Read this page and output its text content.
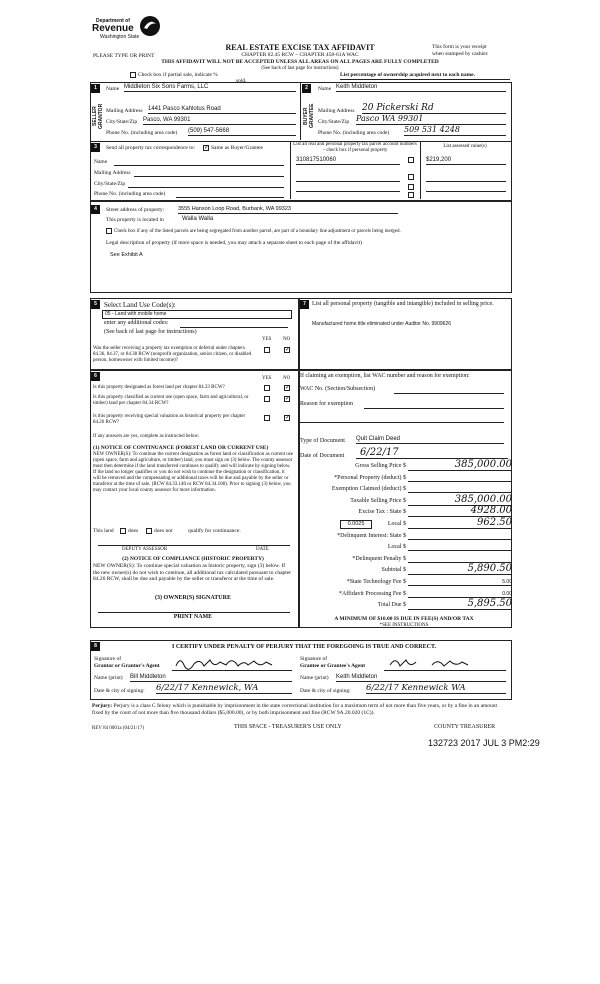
Department of
Revenue
Washington State
REAL ESTATE EXCISE TAX AFFIDAVIT
CHAPTER 82.45 RCW – CHAPTER 458-61A WAC
THIS AFFIDAVIT WILL NOT BE ACCEPTED UNLESS ALL AREAS ON ALL PAGES ARE FULLY COMPLETED
PLEASE TYPE OR PRINT
(See back of last page for instructions)
This form is your receipt
when stamped by cashier.
Check box if partial sale, indicate %
sold.
List percentage of ownership acquired next to each name.
1
SELLER GRANTOR
Name Middleton Six Sons Farms, LLC
Mailing Address 1441 Pasco Kahlotus Road
City/State/Zip Pasco, WA 99301
Phone No. (including area code) (509) 547-5668
2
BUYER GRANTEE
Name Keith Middleton
Mailing Address 20 Pickerski Rd
City/State/Zip Pasco WA 99301
Phone No. (including area code) 509 531 4248
3	Send all property tax correspondence to: ✓ Same as Buyer/Grantee
Name
Mailing Address
City/State/Zip
Phone No. (including area code)
List all real and personal property tax parcel account numbers – check box if personal property
List assessed value(s)
310817510060	$219,200
4	Street address of property:	3555 Hanson Loop Road, Burbank, WA 99323
This property is located in	Walla Walla
Check box if any of the listed parcels are being segregated from another parcel, are part of a boundary line adjustment or parcels being merged.
Legal description of property (if more space is needed, you may attach a separate sheet to each page of the affidavit)
See Exhibit A
5	Select Land Use Code(s):
05 - Land with mobile home
enter any additional codes:
(See back of last page for instructions)
YES NO
Was the seller receiving a property tax exemption or deferral under chapters 84.36, 84.37, or 84.38 RCW (nonprofit organization, senior citizen, or disabled person, homeowner with limited income)?
✓
6	YES NO
Is this property designated as forest land per chapter 84.33 RCW?	✓
Is this property classified as current use (open space, farm and agricultural, or timber) land per chapter 84.34 RCW?
✓
Is this property receiving special valuation as historical property per chapter 84.26 RCW?
✓
If any answers are yes, complete as instructed below.
(1) NOTICE OF CONTINUANCE (FOREST LAND OR CURRENT USE)
NEW OWNER(S): To continue the current designation as forest land or classification as current use (open space, farm and agriculture, or timber) land, you must sign on (3) below. The county assessor must then determine if the land transferred continues to qualify and will indicate by signing below. If the land no longer qualifies or you do not wish to continue the designation or classification, it will be removed and the compensating or additional taxes will be due and payable by the seller or transferor at the time of sale. (RCW 84.33.140 or RCW 84.34.108). Prior to signing (3) below, you may contact your local county assessor for more information.
This land	does	does not	qualify for continuance.
DEPUTY ASSESSOR	DATE
(2) NOTICE OF COMPLIANCE (HISTORIC PROPERTY)
NEW OWNER(S): To continue special valuation as historic property, sign (3) below. If the new owner(s) do not wish to continue, all additional tax calculated pursuant to chapter 84.26 RCW, shall be due and payable by the seller or transferor at the time of sale.
(3) OWNER(S) SIGNATURE
PRINT NAME
7	List all personal property (tangible and intangible) included in selling price.
Manufactured home title eliminated under Auditor No. 9909626
If claiming an exemption, list WAC number and reason for exemption:
WAC No. (Section/Subsection)
Reason for exemption
Type of Document Quit Claim Deed
Date of Document	6/22/17
Gross Selling Price $	385,000.00
*Personal Property (deduct) $
Exemption Claimed (deduct) $
Taxable Selling Price $	385,000.00
Excise Tax : State $	4928.00
Local $	962.50
*Delinquent Interest: State $
Local $
*Delinquent Penalty $
Subtotal $	5,890.50
*State Technology Fee $	5.00
*Affidavit Processing Fee $	0.00
Total Due $	5,895.50
0.0025
A MINIMUM OF $10.00 IS DUE IN FEE(S) AND/OR TAX
*SEE INSTRUCTIONS
8	I CERTIFY UNDER PENALTY OF PERJURY THAT THE FOREGOING IS TRUE AND CORRECT.
Signature of
Grantor or Grantor's Agent
Name (print) Bill Middleton
Date & city of signing: 6/22/17 Kennewick, WA
Signature of
Grantee or Grantee's Agent
Name (print) Keith Middleton
Date & city of signing: 6/22/17 Kennewick WA
Perjury: Perjury is a class C felony which is punishable by imprisonment in the state correctional institution for a maximum term of not more than five years, or by a fine in an amount fixed by the court of not more than five thousand dollars ($5,000.00), or by both imprisonment and fine (RCW 9A.20.020 (1C)).
REV 84 0001a (04/21/17)	THIS SPACE - TREASURER'S USE ONLY	COUNTY TREASURER
132723 2017 JUL 3 PM2:29
